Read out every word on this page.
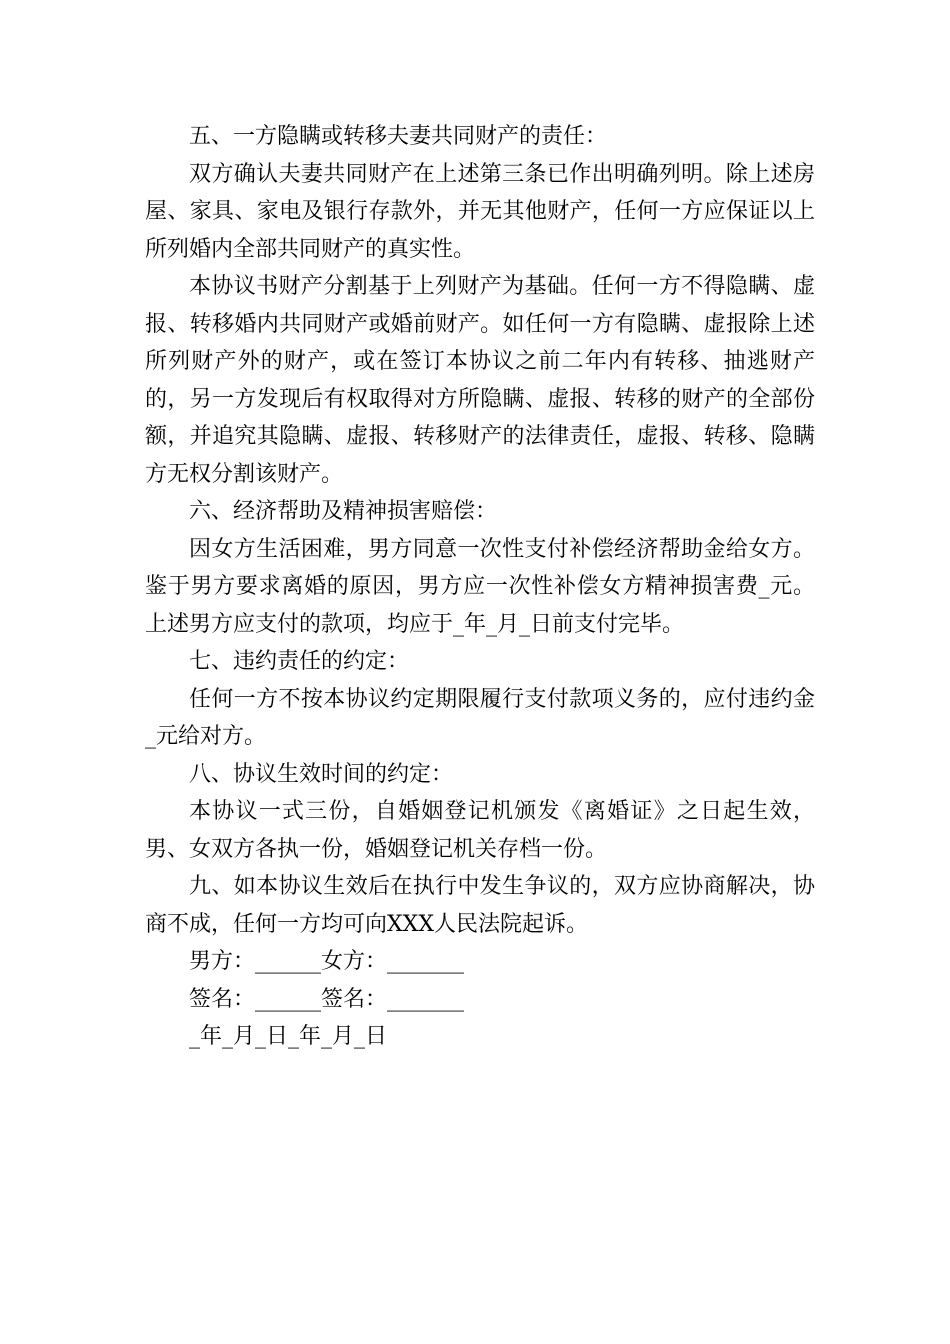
五、一方隐瞒或转移夫妻共同财产的责任：

双方确认夫妻共同财产在上述第三条已作出明确列明。除上述房屋、家具、家电及银行存款外，并无其他财产，任何一方应保证以上所列婚内全部共同财产的真实性。

本协议书财产分割基于上列财产为基础。任何一方不得隐瞒、虚报、转移婚内共同财产或婚前财产。如任何一方有隐瞒、虚报除上述所列财产外的财产，或在签订本协议之前二年内有转移、抽逃财产的，另一方发现后有权取得对方所隐瞒、虚报、转移的财产的全部份额，并追究其隐瞒、虚报、转移财产的法律责任，虚报、转移、隐瞒方无权分割该财产。

六、经济帮助及精神损害赔偿：

因女方生活困难，男方同意一次性支付补偿经济帮助金给女方。鉴于男方要求离婚的原因，男方应一次性补偿女方精神损害费_元。上述男方应支付的款项，均应于_年_月_日前支付完毕。

七、违约责任的约定：

任何一方不按本协议约定期限履行支付款项义务的，应付违约金_元给对方。

八、协议生效时间的约定：

本协议一式三份，自婚姻登记机颁发《离婚证》之日起生效，男、女双方各执一份，婚姻登记机关存档一份。

九、如本协议生效后在执行中发生争议的，双方应协商解决，协商不成，任何一方均可向XXX人民法院起诉。

男方：______女方：_______

签名：______签名：_______

_年_月_日_年_月_日
